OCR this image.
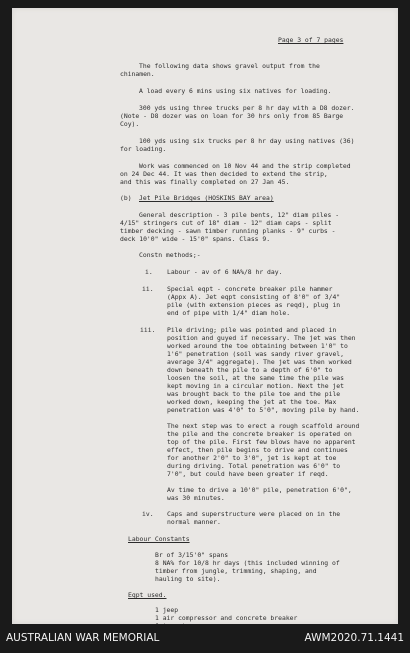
Page 3 of 7 pages
The following data shows gravel output from the
chinamen.
A load every 6 mins using six natives for loading.
300 yds using three trucks per 8 hr day with a D8 dozer.
(Note - D8 dozer was on loan for 30 hrs only from 85 Barge
Coy).
100 yds using six trucks per 8 hr day using natives (36)
for loading.
Work was commenced on 10 Nov 44 and the strip completed
on 24 Dec 44. It was then decided to extend the strip,
and this was finally completed on 27 Jan 45.
(b) Jet Pile Bridges (HOSKINS BAY area)
General description - 3 pile bents, 12" diam piles -
4/15" stringers cut of 18" diam - 12" diam caps - split
timber decking - sawn timber running planks - 9" curbs -
deck 10'0" wide - 15'0" spans. Class 9.
Constn methods;-
i. Labour - av of 6 NA%/8 hr day.
ii. Special eqpt - concrete breaker pile hammer
(Appx A). Jet eqpt consisting of 8'0" of 3/4"
pile (with extension pieces as reqd), plug in
end of pipe with 1/4" diam hole.
iii. Pile driving; pile was pointed and placed in
position and guyed if necessary. The jet was then
worked around the toe obtaining between 1'0" to
1'6" penetration (soil was sandy river gravel,
average 3/4" aggregate). The jet was then worked
down beneath the pile to a depth of 6'0" to
loosen the soil, at the same time the pile was
kept moving in a circular motion. Next the jet
was brought back to the pile toe and the pile
worked down, keeping the jet at the toe. Max
penetration was 4'0" to 5'0", moving pile by hand.
The next step was to erect a rough scaffold around
the pile and the concrete breaker is operated on
top of the pile. First few blows have no apparent
effect, then pile begins to drive and continues
for another 2'0" to 3'0", jet is kept at toe
during driving. Total penetration was 6'0" to
7'0", but could have been greater if reqd.
Av time to drive a 10'0" pile, penetration 6'0",
was 30 minutes.
iv. Caps and superstructure were placed on in the
normal manner.
Labour Constants
Br of 3/15'0" spans
8 NA% for 10/8 hr days (this included winning of
timber from jungle, trimming, shaping, and
hauling to site).
Eqpt used.
1 jeep
1 air compressor and concrete breaker
AUSTRALIAN WAR MEMORIAL	AWM2020.71.1441
